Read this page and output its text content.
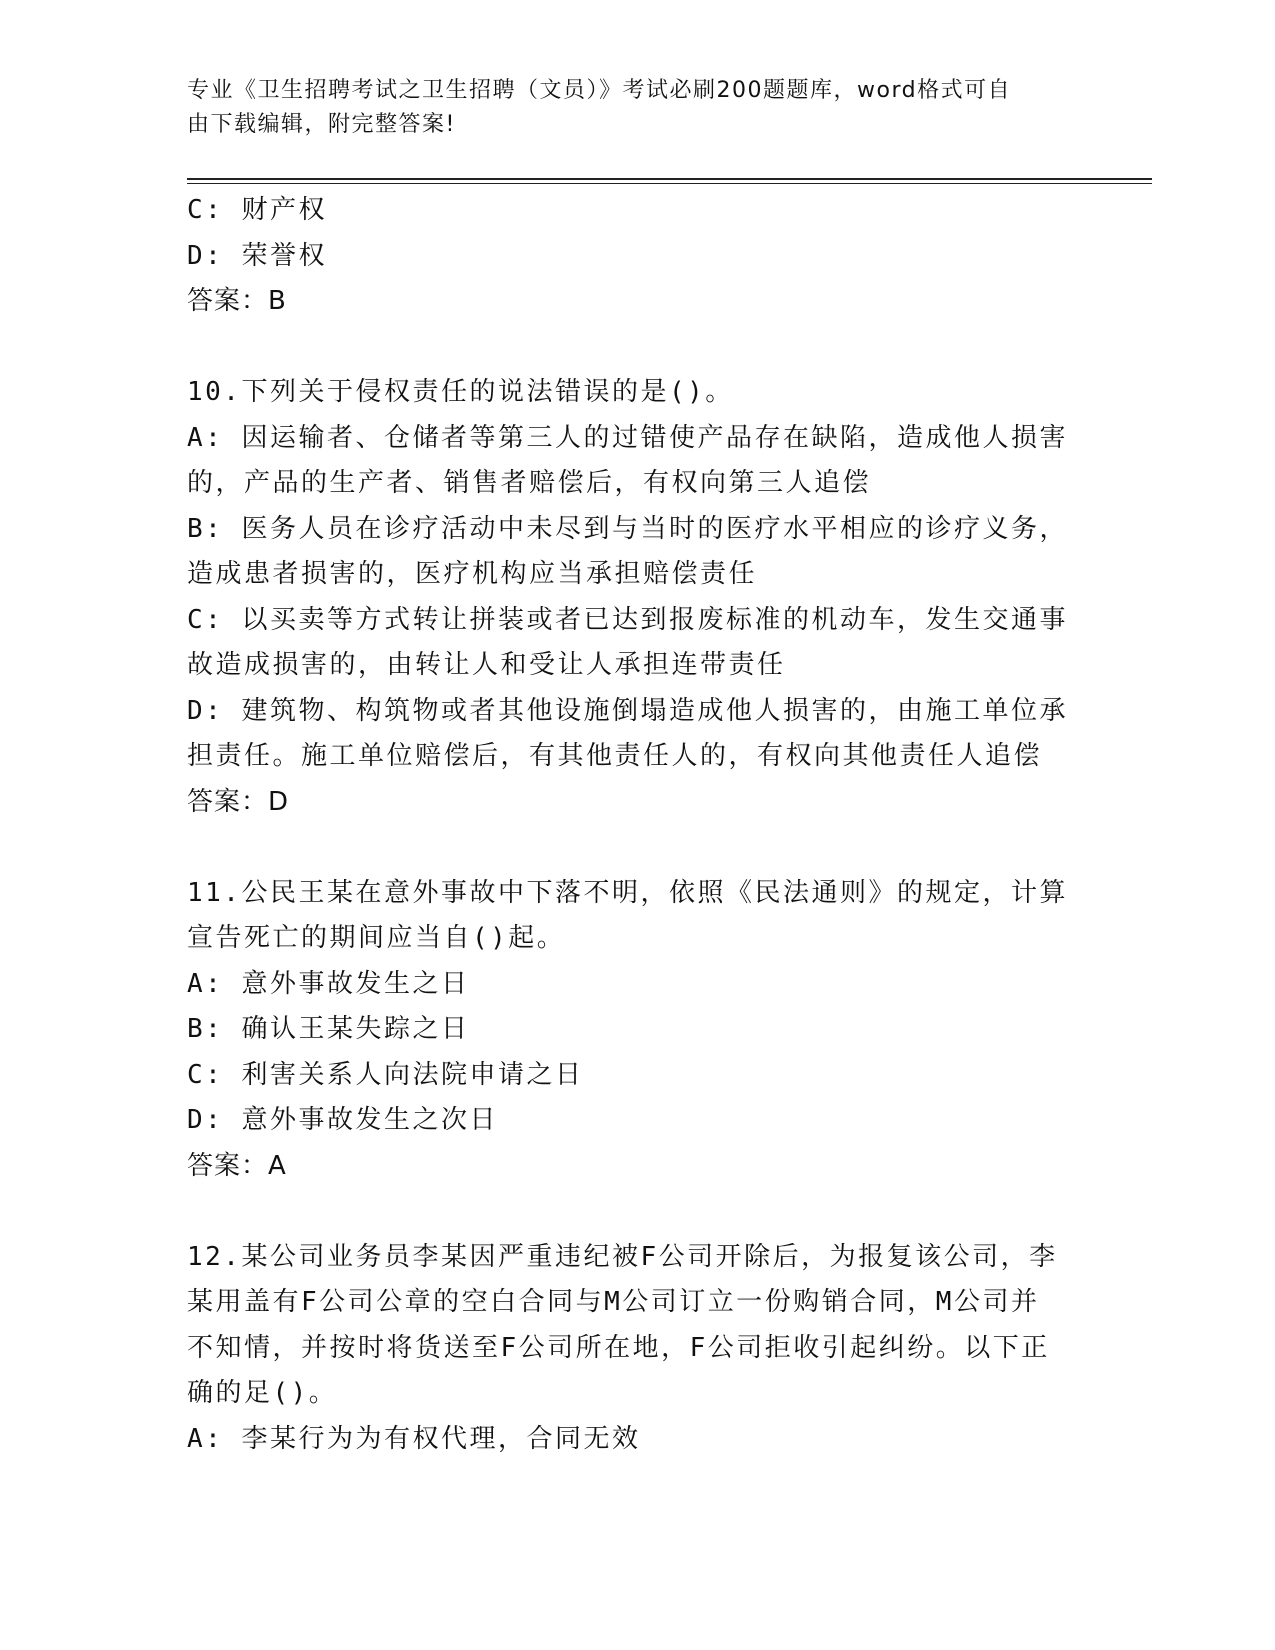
专业《卫生招聘考试之卫生招聘（文员）》考试必刷200题题库，word格式可自
由下载编辑，附完整答案!
C: 财产权
D: 荣誉权
答案：B
10.下列关于侵权责任的说法错误的是()。
A: 因运输者、仓储者等第三人的过错使产品存在缺陷，造成他人损害
的，产品的生产者、销售者赔偿后，有权向第三人追偿
B: 医务人员在诊疗活动中未尽到与当时的医疗水平相应的诊疗义务，
造成患者损害的，医疗机构应当承担赔偿责任
C: 以买卖等方式转让拼装或者已达到报废标准的机动车，发生交通事
故造成损害的，由转让人和受让人承担连带责任
D: 建筑物、构筑物或者其他设施倒塌造成他人损害的，由施工单位承
担责任。施工单位赔偿后，有其他责任人的，有权向其他责任人追偿
答案：D
11.公民王某在意外事故中下落不明，依照《民法通则》的规定，计算
宣告死亡的期间应当自()起。
A: 意外事故发生之日
B: 确认王某失踪之日
C: 利害关系人向法院申请之日
D: 意外事故发生之次日
答案：A
12.某公司业务员李某因严重违纪被F公司开除后，为报复该公司，李
某用盖有F公司公章的空白合同与M公司订立一份购销合同，M公司并
不知情，并按时将货送至F公司所在地，F公司拒收引起纠纷。以下正
确的足()。
A: 李某行为为有权代理，合同无效
